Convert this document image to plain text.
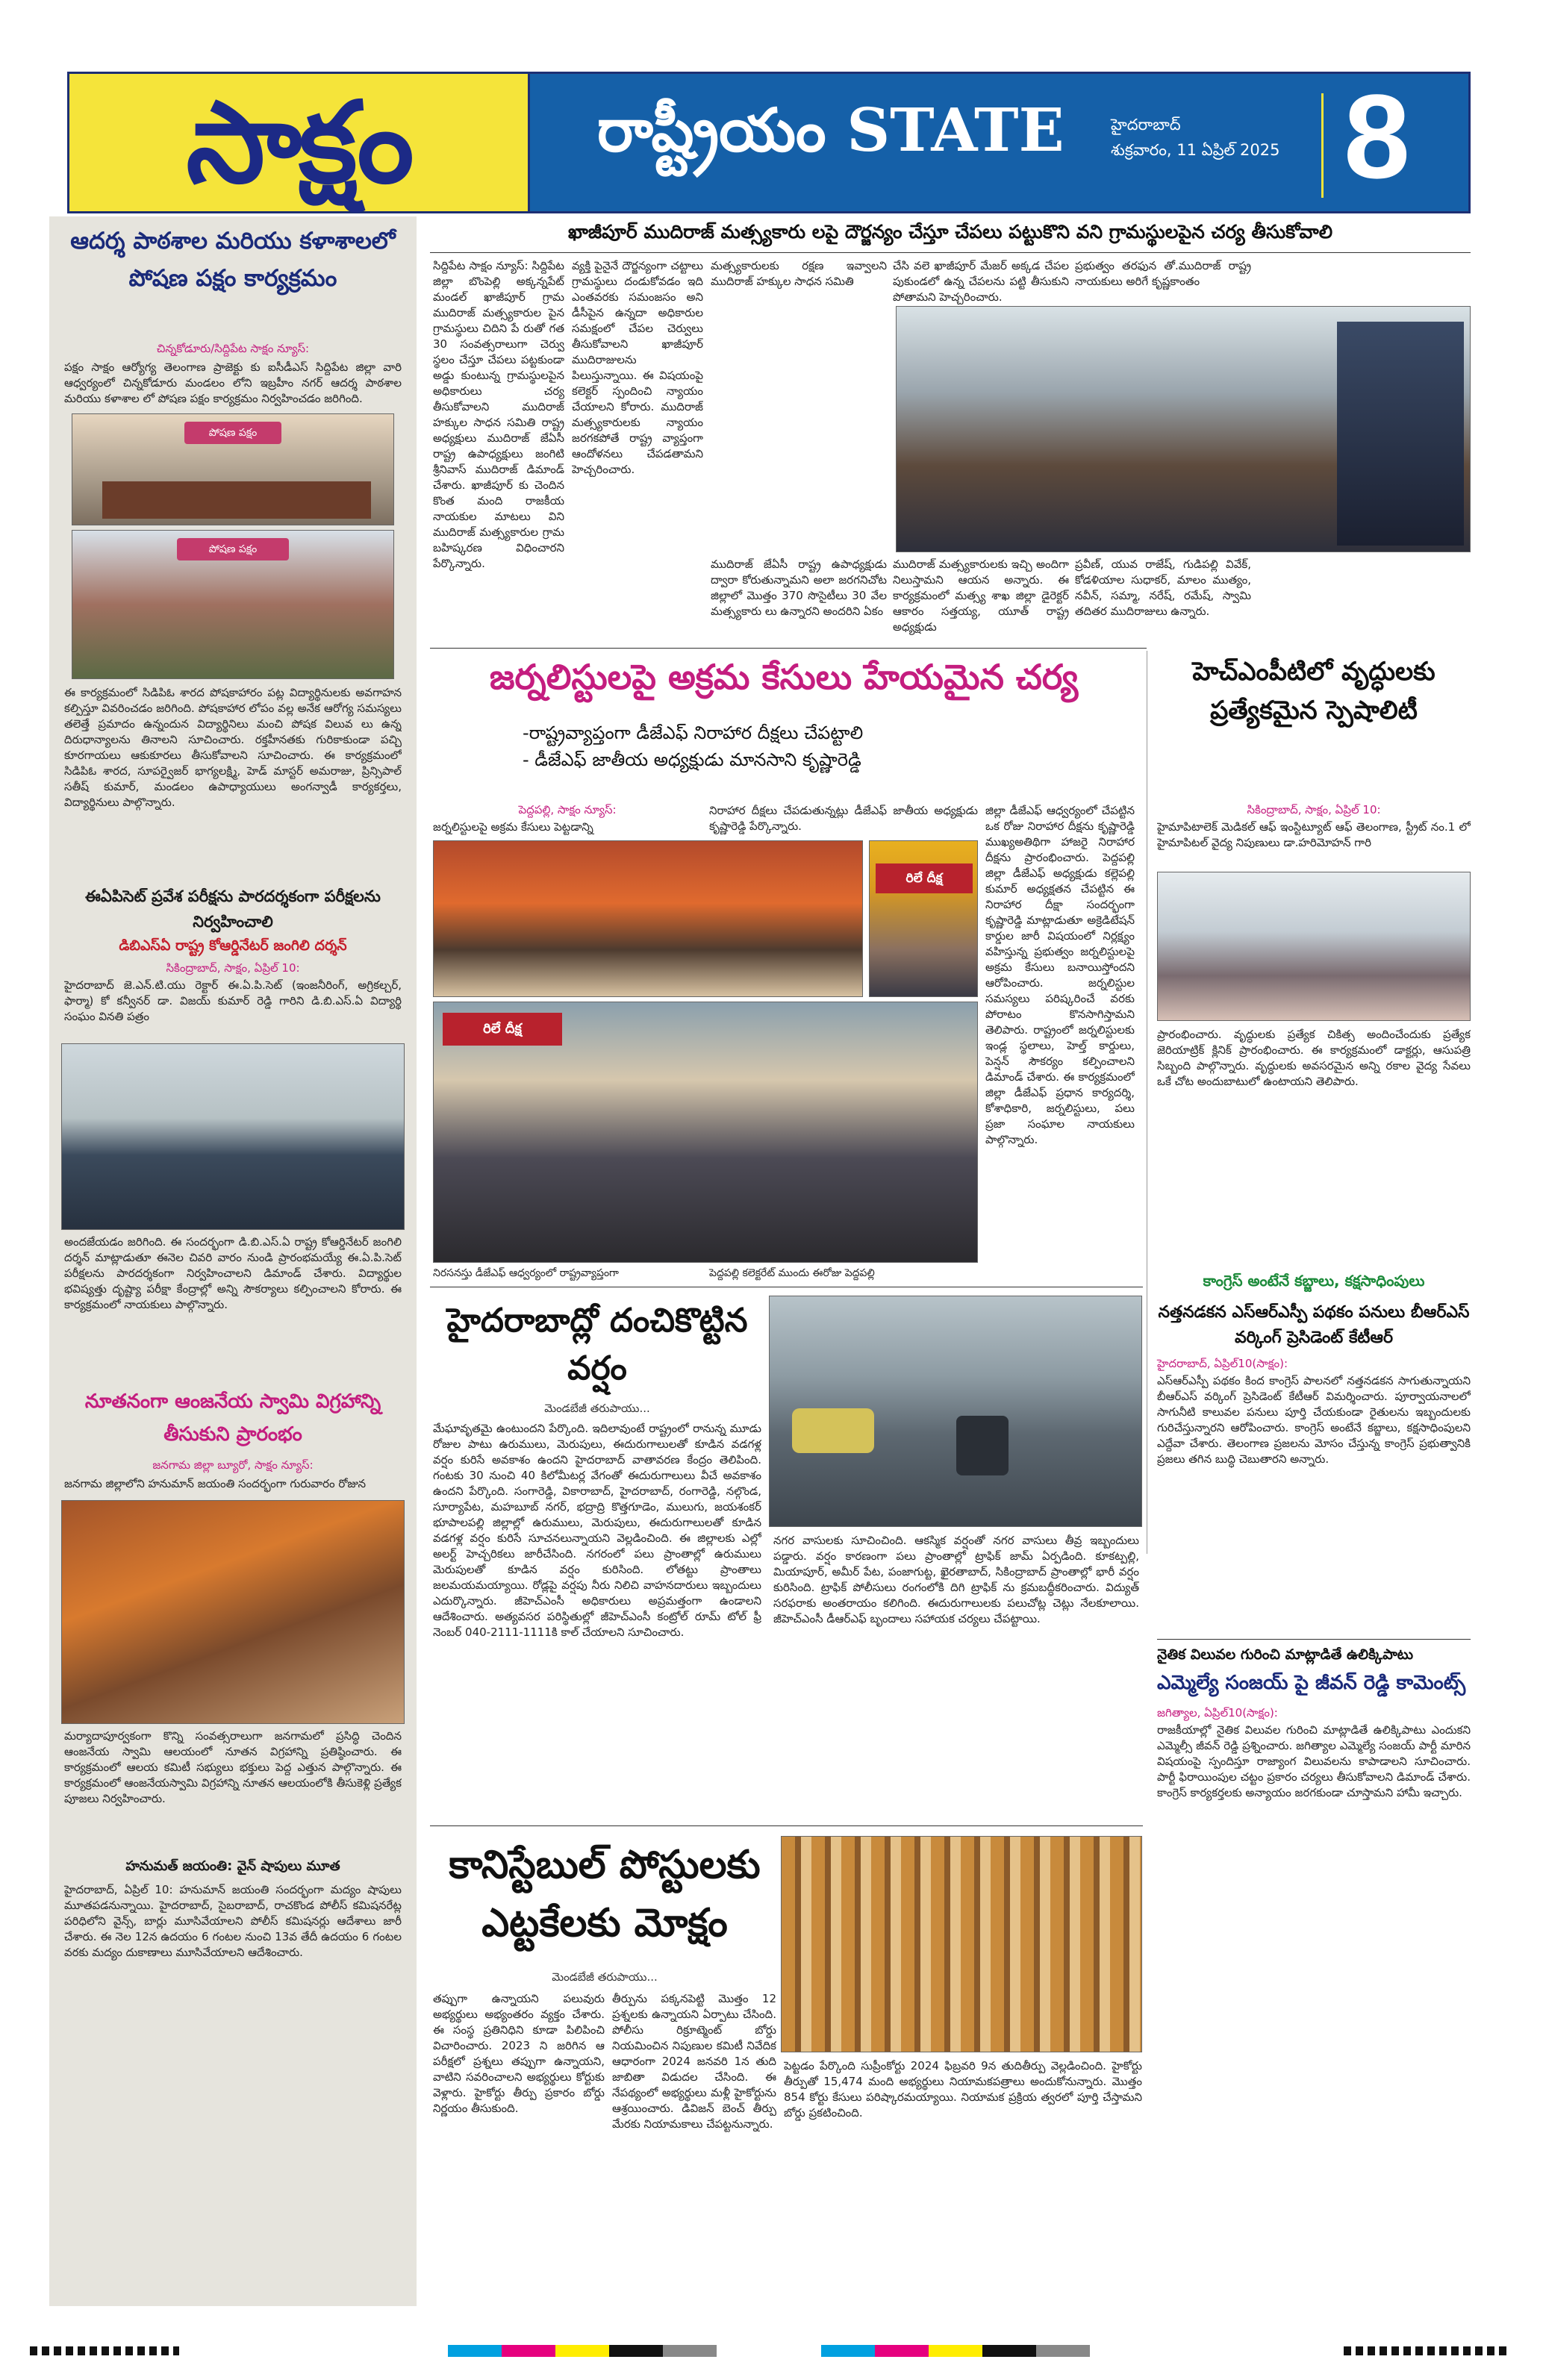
సాక్షం	రాష్ట్రీయం STATE	హైదరాబాద్
శుక్రవారం, 11 ఏప్రిల్ 2025 8
ఆదర్శ పాఠశాల మరియు కళాశాలలో పోషణ పక్షం కార్యక్రమం
చిన్నకోడూరు/సిద్దిపేట సాక్షం న్యూస్:
పక్షం సాక్షం ఆర్యోగ్య తెలంగాణ ప్రాజెక్టు కు ఐసీడీఎస్ సిద్దిపేట జిల్లా వారి ఆధ్వర్యంలో చిన్నకోడూరు మండలం లోని ఇబ్రహీం నగర్ ఆదర్శ పాఠశాల మరియు కళాశాల లో పోషణ పక్షం కార్యక్రమం నిర్వహించడం జరిగింది.
పోషణ పక్షం
పోషణ పక్షం
ఈ కార్యక్రమంలో సిడిపిఓ శారద పోషకాహారం పట్ల విద్యార్థినులకు అవగాహన కల్పిస్తూ వివరించడం జరిగింది. పోషకాహార లోపం వల్ల అనేక ఆరోగ్య సమస్యలు తలెత్తే ప్రమాదం ఉన్నందున విద్యార్థినిలు మంచి పోషక విలువ లు ఉన్న దిరుధాన్యాలను తినాలని సూచించారు. రక్తహీనతకు గురికాకుండా పచ్చి కూరగాయలు ఆకుకూరలు తీసుకోవాలని సూచించారు. ఈ కార్యక్రమంలో సిడిపిఓ శారద, సూపర్వైజర్ భాగ్యలక్ష్మి, హెడ్ మాస్టర్ అమరాజు, ప్రిన్సిపాల్ సతీష్ కుమార్, మండలం ఉపాధ్యాయులు అంగన్వాడీ కార్యకర్తలు, విద్యార్థినులు పాల్గొన్నారు.
ఈఏపిసెట్ ప్రవేశ పరీక్షను పారదర్శకంగా పరీక్షలను నిర్వహించాలి
డిబిఎస్ఏ రాష్ట్ర కోఆర్డినేటర్ జంగిలి దర్శన్
సికింద్రాబాద్, సాక్షం, ఏప్రిల్ 10:
హైదరాబాద్ జె.ఎన్.టి.యు రెక్టార్ ఈ.ఏ.పి.సెట్ (ఇంజనీరింగ్, అగ్రికల్చర్, ఫార్మా) కో కన్వీనర్ డా. విజయ్ కుమార్ రెడ్డి గారిని డి.బి.ఎస్.ఏ విద్యార్థి సంఘం వినతి పత్రం
అందజేయడం జరిగింది. ఈ సందర్భంగా డి.బి.ఎస్.ఏ రాష్ట్ర కోఆర్డినేటర్ జంగిలి దర్శన్ మాట్లాడుతూ ఈనెల చివరి వారం నుండి ప్రారంభమయ్యే ఈ.ఏ.పి.సెట్ పరీక్షలను పారదర్శకంగా నిర్వహించాలని డిమాండ్ చేశారు. విద్యార్థుల భవిష్యత్తు దృష్ట్యా పరీక్షా కేంద్రాల్లో అన్ని సౌకర్యాలు కల్పించాలని కోరారు. ఈ కార్యక్రమంలో నాయకులు పాల్గొన్నారు.
నూతనంగా ఆంజనేయ స్వామి విగ్రహాన్ని తీసుకుని ప్రారంభం
జనగామ జిల్లా బ్యూరో, సాక్షం న్యూస్:
జనగామ జిల్లాలోని హనుమాన్ జయంతి సందర్భంగా గురువారం రోజున
మర్యాదాపూర్వకంగా కొన్ని సంవత్సరాలుగా జనగామలో ప్రసిద్ధి చెందిన ఆంజనేయ స్వామి ఆలయంలో నూతన విగ్రహాన్ని ప్రతిష్ఠించారు. ఈ కార్యక్రమంలో ఆలయ కమిటీ సభ్యులు భక్తులు పెద్ద ఎత్తున పాల్గొన్నారు. ఈ కార్యక్రమంలో ఆంజనేయస్వామి విగ్రహాన్ని నూతన ఆలయంలోకి తీసుకెళ్లి ప్రత్యేక పూజలు నిర్వహించారు.
హనుమత్ జయంతి: వైన్ షాపులు మూత
హైదరాబాద్, ఏప్రిల్ 10: హనుమాన్ జయంతి సందర్భంగా మద్యం షాపులు మూతపడనున్నాయి. హైదరాబాద్, సైబరాబాద్, రాచకొండ పోలీస్ కమిషనరేట్ల పరిధిలోని వైన్స్, బార్లు మూసివేయాలని పోలీస్ కమిషనర్లు ఆదేశాలు జారీ చేశారు. ఈ నెల 12న ఉదయం 6 గంటల నుంచి 13వ తేదీ ఉదయం 6 గంటల వరకు మద్యం దుకాణాలు మూసివేయాలని ఆదేశించారు.
ఖాజీపూర్ ముదిరాజ్ మత్స్యకారు లపై దౌర్జన్యం చేస్తూ చేపలు పట్టుకొని వని గ్రామస్థులపైన చర్య తీసుకోవాలి
సిద్దిపేట సాక్షం న్యూస్: సిద్దిపేట జిల్లా బొంపెల్లి అక్కన్నపేట్ మండల్ ఖాజీపూర్ గ్రామ ముదిరాజ్ మత్స్యకారుల పైన గ్రామస్థులు చిదిని పే రుతో గత 30 సంవత్సరాలుగా చెర్వు స్థలం చేస్తూ చేపలు పట్టకుండా అడ్డు కుంటున్న గ్రామస్థులపైన అధికారులు చర్య తీసుకోవాలని ముదిరాజ్ హక్కుల సాధన సమితి రాష్ట్ర అధ్యక్షులు ముదిరాజ్ జేఏసీ రాష్ట్ర ఉపాధ్యక్షులు జంగిటి శ్రీనివాస్ ముదిరాజ్ డిమాండ్ చేశారు. ఖాజీపూర్ కు చెందిన కొంత మంది రాజకీయ నాయకుల మాటలు విని ముదిరాజ్ మత్స్యకారుల గ్రామ బహిష్కరణ విధించారని పేర్కొన్నారు.
వ్యక్తి పైనైనే దౌర్జన్యంగా చట్టాలు గ్రామస్థులు దండుకోవడం ఇది ఎంతవరకు సమంజసం అని డీసీపైన ఉన్నదా అధికారుల సమక్షంలో చేపల చెర్వులు తీసుకోవాలని ఖాజీపూర్ ముదిరాజులను పిలుస్తున్నాయి. ఈ విషయంపై కలెక్టర్ స్పందించి న్యాయం చేయాలని కోరారు. ముదిరాజ్ మత్స్యకారులకు న్యాయం జరగకపోతే రాష్ట్ర వ్యాప్తంగా ఆందోళనలు చేపడతామని హెచ్చరించారు.
మత్స్యకారులకు రక్షణ ఇవ్వాలని ముదిరాజ్ హక్కుల సాధన సమితి
చేసి వలె ఖాజీపూర్ మేజర్ అక్కడ చేపల పుకుండలో ఉన్న చేపలను పట్టి తీసుకుని పోతామని హెచ్చరించారు.
ప్రభుత్వం తరఫున తో.ముదిరాజ్ రాష్ట్ర నాయకులు అరిగే కృష్ణకాంతం
ముదిరాజ్ జేఏసీ రాష్ట్ర ఉపాధ్యక్షుడు ద్వారా కోరుతున్నామని అలా జరగనిచోట జిల్లాలో మొత్తం 370 సొసైటీలు 30 వేల మత్స్యకారు లు ఉన్నారని అందరిని ఏకం
ముదిరాజ్ మత్స్యకారులకు ఇచ్చి అందిగా నిలుస్తామని ఆయన అన్నారు. ఈ కార్యక్రమంలో మత్స్య శాఖ జిల్లా డైరెక్టర్ ఆకారం సత్తయ్య, యూత్ రాష్ట్ర అధ్యక్షుడు
ప్రవీణ్, యువ రాజేష్, గుడిపల్లి వివేక్, కోడళియాల సుధాకర్, మాలం ముత్యం, నవీన్, సమ్మా, నరేష్, రమేష్, స్వామి తదితర ముదిరాజులు ఉన్నారు.
జర్నలిస్టులపై అక్రమ కేసులు హేయమైన చర్య
-రాష్ట్రవ్యాప్తంగా డీజేఎఫ్ నిరాహార దీక్షలు చేపట్టాలి
- డీజేఎఫ్ జాతీయ అధ్యక్షుడు మానసాని కృష్ణారెడ్డి
పెద్దపల్లి, సాక్షం న్యూస్:
జర్నలిస్టులపై అక్రమ కేసులు పెట్టడాన్ని
నిరాహార దీక్షలు చేపడుతున్నట్లు డీజేఎఫ్ జాతీయ అధ్యక్షుడు కృష్ణారెడ్డి పేర్కొన్నారు.
రిలే దీక్ష
రిలే దీక్ష
నిరసనస్తు డీజేఎఫ్ ఆధ్వర్యంలో రాష్ట్రవ్యాప్తంగా	పెద్దపల్లి కలెక్టరేట్ ముందు ఈరోజు పెద్దపల్లి
జిల్లా డీజేఎఫ్ ఆధ్వర్యంలో చేపట్టిన ఒక రోజు నిరాహార దీక్షను కృష్ణారెడ్డి ముఖ్యఅతిథిగా హాజరై నిరాహార దీక్షను ప్రారంభించారు. పెద్దపల్లి జిల్లా డీజేఎఫ్ అధ్యక్షుడు కల్లెపల్లి కుమార్ అధ్యక్షతన చేపట్టిన ఈ నిరాహార దీక్షా సందర్భంగా కృష్ణారెడ్డి మాట్లాడుతూ అక్రెడిటేషన్ కార్డుల జారీ విషయంలో నిర్లక్ష్యం వహిస్తున్న ప్రభుత్వం జర్నలిస్టులపై అక్రమ కేసులు బనాయిస్తోందని ఆరోపించారు. జర్నలిస్టుల సమస్యలు పరిష్కరించే వరకు పోరాటం కొనసాగిస్తామని తెలిపారు. రాష్ట్రంలో జర్నలిస్టులకు ఇండ్ల స్థలాలు, హెల్త్ కార్డులు, పెన్షన్ సౌకర్యం కల్పించాలని డిమాండ్ చేశారు. ఈ కార్యక్రమంలో జిల్లా డీజేఎఫ్ ప్రధాన కార్యదర్శి, కోశాధికారి, జర్నలిస్టులు, పలు ప్రజా సంఘాల నాయకులు పాల్గొన్నారు.
హెచ్ఎంపీటిలో వృద్ధులకు ప్రత్యేకమైన స్పెషాలిటీ
సికింద్రాబాద్, సాక్షం, ఏప్రిల్ 10:
హైమాపిటాలెక్ మెడికల్ ఆఫ్ ఇంస్టిట్యూట్ ఆఫ్ తెలంగాణ, స్ట్రీట్ నం.1 లో హైమాపిటల్ వైద్య నిపుణులు డా.హరిమోహన్ గారి
ప్రారంభించారు. వృద్ధులకు ప్రత్యేక చికిత్స అందించేందుకు ప్రత్యేక జెరియాట్రిక్ క్లినిక్ ప్రారంభించారు. ఈ కార్యక్రమంలో డాక్టర్లు, ఆసుపత్రి సిబ్బంది పాల్గొన్నారు. వృద్ధులకు అవసరమైన అన్ని రకాల వైద్య సేవలు ఒకే చోట అందుబాటులో ఉంటాయని తెలిపారు.
కాంగ్రెస్ అంటేనే కబ్జాలు, కక్షసాధింపులు
నత్తనడకన ఎస్ఆర్ఎస్పీ పథకం పనులు బీఆర్ఎస్ వర్కింగ్ ప్రెసిడెంట్ కేటీఆర్
హైదరాబాద్, ఏప్రిల్10(సాక్షం):
ఎస్ఆర్ఎస్పీ పథకం కింద కాంగ్రెస్ పాలనలో నత్తనడకన సాగుతున్నాయని బీఆర్ఎస్ వర్కింగ్ ప్రెసిడెంట్ కేటీఆర్ విమర్శించారు. పూర్వాయనాలలో సాగునీటి కాలువల పనులు పూర్తి చేయకుండా రైతులను ఇబ్బందులకు గురిచేస్తున్నారని ఆరోపించారు. కాంగ్రెస్ అంటేనే కబ్జాలు, కక్షసాధింపులని ఎద్దేవా చేశారు. తెలంగాణ ప్రజలను మోసం చేస్తున్న కాంగ్రెస్ ప్రభుత్వానికి ప్రజలు తగిన బుద్ధి చెబుతారని అన్నారు.
నైతిక విలువల గురించి మాట్లాడితే ఉలిక్కిపాటు
ఎమ్మెల్యే సంజయ్ పై జీవన్ రెడ్డి కామెంట్స్
జగిత్యాల, ఏప్రిల్10(సాక్షం):
రాజకీయాల్లో నైతిక విలువల గురించి మాట్లాడితే ఉలిక్కిపాటు ఎందుకని ఎమ్మెల్సీ జీవన్ రెడ్డి ప్రశ్నించారు. జగిత్యాల ఎమ్మెల్యే సంజయ్ పార్టీ మారిన విషయంపై స్పందిస్తూ రాజ్యాంగ విలువలను కాపాడాలని సూచించారు. పార్టీ ఫిరాయింపుల చట్టం ప్రకారం చర్యలు తీసుకోవాలని డిమాండ్ చేశారు. కాంగ్రెస్ కార్యకర్తలకు అన్యాయం జరగకుండా చూస్తామని హామీ ఇచ్చారు.
హైదరాబాద్లో దంచికొట్టిన వర్షం
మెండబేజీ తరుపాయు...
మేఘావృతమై ఉంటుందని పేర్కొంది. ఇదిలావుంటే రాష్ట్రంలో రానున్న మూడు రోజుల పాటు ఉరుములు, మెరుపులు, ఈదురుగాలులతో కూడిన వడగళ్ల వర్షం కురిసే అవకాశం ఉందని హైదరాబాద్ వాతావరణ కేంద్రం తెలిపింది. గంటకు 30 నుంచి 40 కిలోమీటర్ల వేగంతో ఈదురుగాలులు వీచే అవకాశం ఉందని పేర్కొంది. సంగారెడ్డి, వికారాబాద్, హైదరాబాద్, రంగారెడ్డి, నల్గొండ, సూర్యాపేట, మహబూబ్ నగర్, భద్రాద్రి కొత్తగూడెం, ములుగు, జయశంకర్ భూపాలపల్లి జిల్లాల్లో ఉరుములు, మెరుపులు, ఈదురుగాలులతో కూడిన వడగళ్ల వర్షం కురిసే సూచనలున్నాయని వెల్లడించింది. ఈ జిల్లాలకు ఎల్లో అలర్ట్ హెచ్చరికలు జారీచేసింది. నగరంలో పలు ప్రాంతాల్లో ఉరుములు మెరుపులతో కూడిన వర్షం కురిసింది. లోతట్టు ప్రాంతాలు జలమయమయ్యాయి. రోడ్లపై వర్షపు నీరు నిలిచి వాహనదారులు ఇబ్బందులు ఎదుర్కొన్నారు. జీహెచ్ఎంసీ అధికారులు అప్రమత్తంగా ఉండాలని ఆదేశించారు. అత్యవసర పరిస్థితుల్లో జీహెచ్ఎంసీ కంట్రోల్ రూమ్ టోల్ ఫ్రీ నెంబర్ 040-2111-1111కి కాల్ చేయాలని సూచించారు.
నగర వాసులకు సూచించింది. ఆకస్మిక వర్షంతో నగర వాసులు తీవ్ర ఇబ్బందులు పడ్డారు. వర్షం కారణంగా పలు ప్రాంతాల్లో ట్రాఫిక్ జామ్ ఏర్పడింది. కూకట్పల్లి, మియాపూర్, అమీర్ పేట, పంజాగుట్ట, ఖైరతాబాద్, సికింద్రాబాద్ ప్రాంతాల్లో భారీ వర్షం కురిసింది. ట్రాఫిక్ పోలీసులు రంగంలోకి దిగి ట్రాఫిక్ ను క్రమబద్ధీకరించారు. విద్యుత్ సరఫరాకు అంతరాయం కలిగింది. ఈదురుగాలులకు పలుచోట్ల చెట్లు నేలకూలాయి. జీహెచ్ఎంసీ డీఆర్ఎఫ్ బృందాలు సహాయక చర్యలు చేపట్టాయి.
కానిస్టేబుల్ పోస్టులకు ఎట్టకేలకు మోక్షం
మెండబేజీ తరుపాయు...
తప్పుగా ఉన్నాయని పలువురు అభ్యర్థులు అభ్యంతరం వ్యక్తం చేశారు. ఈ సంస్థ ప్రతినిధిని కూడా పిలిపించి విచారించారు. 2023 ని జరిగిన ఆ పరీక్షలో ప్రశ్నలు తప్పుగా ఉన్నాయని, వాటిని సవరించాలని అభ్యర్థులు కోర్టుకు వెళ్లారు. హైకోర్టు తీర్పు ప్రకారం బోర్డు నిర్ణయం తీసుకుంది.
తీర్పును పక్కనపెట్టి మొత్తం 12 ప్రశ్నలకు ఉన్నాయని ఏర్పాటు చేసింది. పోలీసు రిక్రూట్మెంట్ బోర్డు నియమించిన నిపుణుల కమిటీ నివేదిక ఆధారంగా 2024 జనవరి 1న తుది జాబితా విడుదల చేసింది. ఈ నేపథ్యంలో అభ్యర్థులు మళ్లీ హైకోర్టును ఆశ్రయించారు. డివిజన్ బెంచ్ తీర్పు మేరకు నియామకాలు చేపట్టనున్నారు.
పెట్టడం పేర్కొంది సుప్రీంకోర్టు 2024 ఫిబ్రవరి 9న తుదితీర్పు వెల్లడించింది. హైకోర్టు తీర్పుతో 15,474 మంది అభ్యర్థులు నియామకపత్రాలు అందుకోనున్నారు. మొత్తం 854 కోర్టు కేసులు పరిష్కారమయ్యాయి. నియామక ప్రక్రియ త్వరలో పూర్తి చేస్తామని బోర్డు ప్రకటించింది.
